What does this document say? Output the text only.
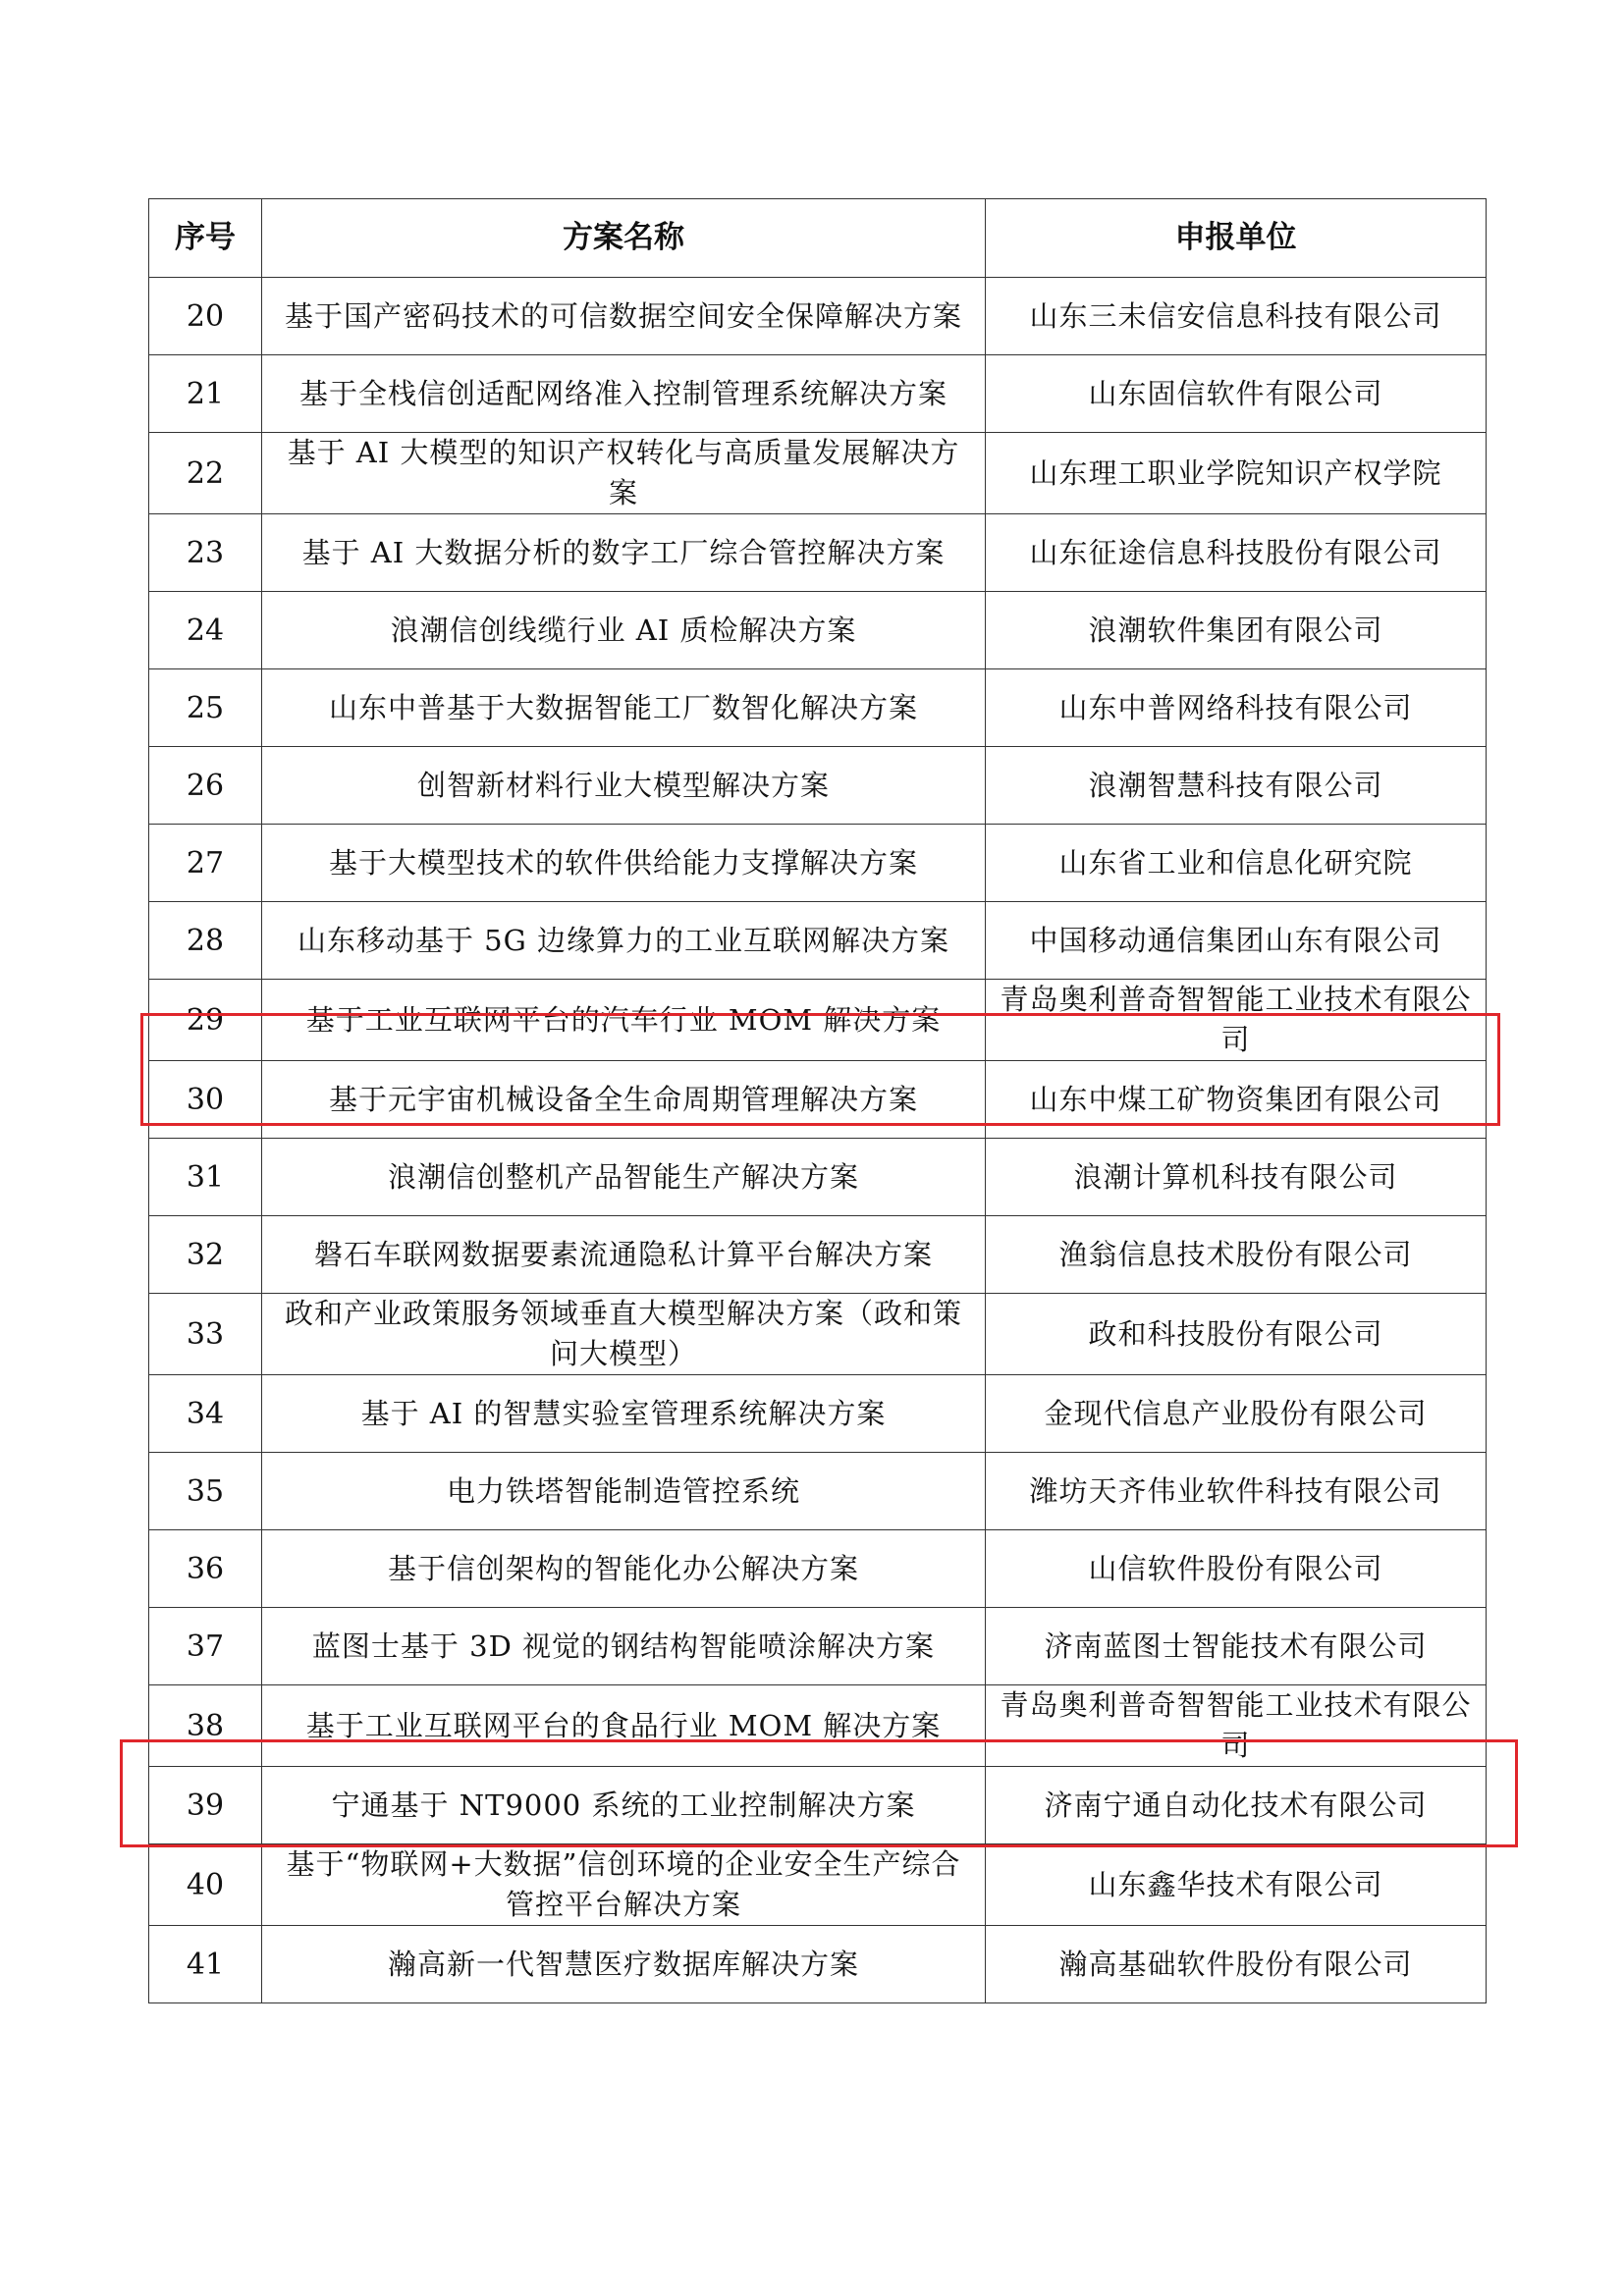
序号	方案名称	申报单位
20	基于国产密码技术的可信数据空间安全保障解决方案	山东三未信安信息科技有限公司
21	基于全栈信创适配网络准入控制管理系统解决方案	山东固信软件有限公司
22	基于 AI 大模型的知识产权转化与高质量发展解决方案	山东理工职业学院知识产权学院
23	基于 AI 大数据分析的数字工厂综合管控解决方案	山东征途信息科技股份有限公司
24	浪潮信创线缆行业 AI 质检解决方案	浪潮软件集团有限公司
25	山东中普基于大数据智能工厂数智化解决方案	山东中普网络科技有限公司
26	创智新材料行业大模型解决方案	浪潮智慧科技有限公司
27	基于大模型技术的软件供给能力支撑解决方案	山东省工业和信息化研究院
28	山东移动基于 5G 边缘算力的工业互联网解决方案	中国移动通信集团山东有限公司
29	基于工业互联网平台的汽车行业 MOM 解决方案	青岛奥利普奇智智能工业技术有限公司
30	基于元宇宙机械设备全生命周期管理解决方案	山东中煤工矿物资集团有限公司
31	浪潮信创整机产品智能生产解决方案	浪潮计算机科技有限公司
32	磐石车联网数据要素流通隐私计算平台解决方案	渔翁信息技术股份有限公司
33	政和产业政策服务领域垂直大模型解决方案（政和策问大模型）	政和科技股份有限公司
34	基于 AI 的智慧实验室管理系统解决方案	金现代信息产业股份有限公司
35	电力铁塔智能制造管控系统	潍坊天齐伟业软件科技有限公司
36	基于信创架构的智能化办公解决方案	山信软件股份有限公司
37	蓝图士基于 3D 视觉的钢结构智能喷涂解决方案	济南蓝图士智能技术有限公司
38	基于工业互联网平台的食品行业 MOM 解决方案	青岛奥利普奇智智能工业技术有限公司
39	宁通基于 NT9000 系统的工业控制解决方案	济南宁通自动化技术有限公司
40	基于“物联网+大数据”信创环境的企业安全生产综合管控平台解决方案	山东鑫华技术有限公司
41	瀚高新一代智慧医疗数据库解决方案	瀚高基础软件股份有限公司
